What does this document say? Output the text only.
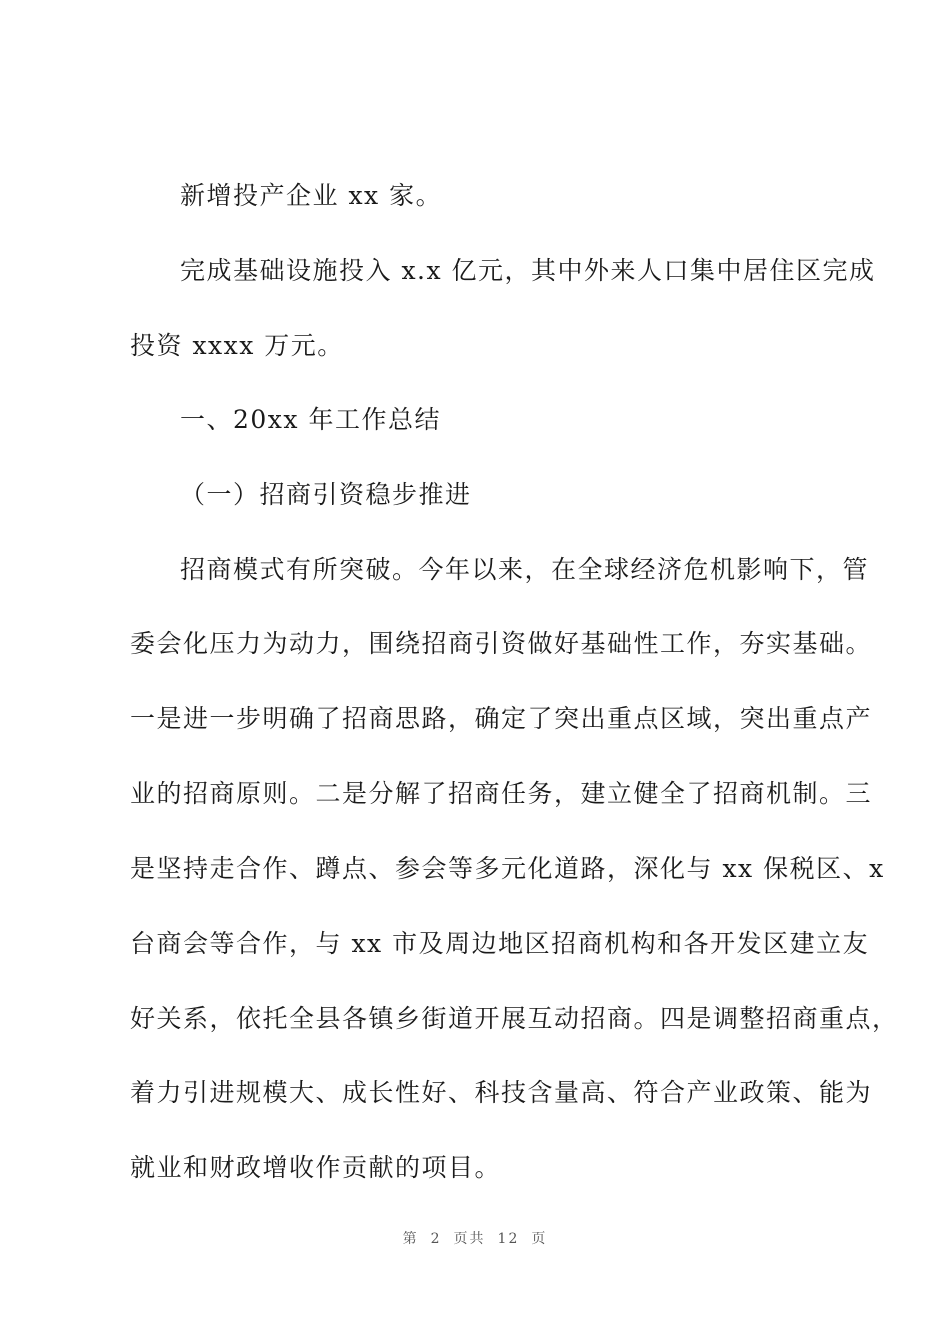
新增投产企业 xx 家。
完成基础设施投入 x.x 亿元，其中外来人口集中居住区完成
投资 xxxx 万元。
一、20xx 年工作总结
（一）招商引资稳步推进
招商模式有所突破。今年以来，在全球经济危机影响下，管
委会化压力为动力，围绕招商引资做好基础性工作，夯实基础。
一是进一步明确了招商思路，确定了突出重点区域，突出重点产
业的招商原则。二是分解了招商任务，建立健全了招商机制。三
是坚持走合作、蹲点、参会等多元化道路，深化与 xx 保税区、x
台商会等合作，与 xx 市及周边地区招商机构和各开发区建立友
好关系，依托全县各镇乡街道开展互动招商。四是调整招商重点，
着力引进规模大、成长性好、科技含量高、符合产业政策、能为
就业和财政增收作贡献的项目。
第 2 页共 12 页
